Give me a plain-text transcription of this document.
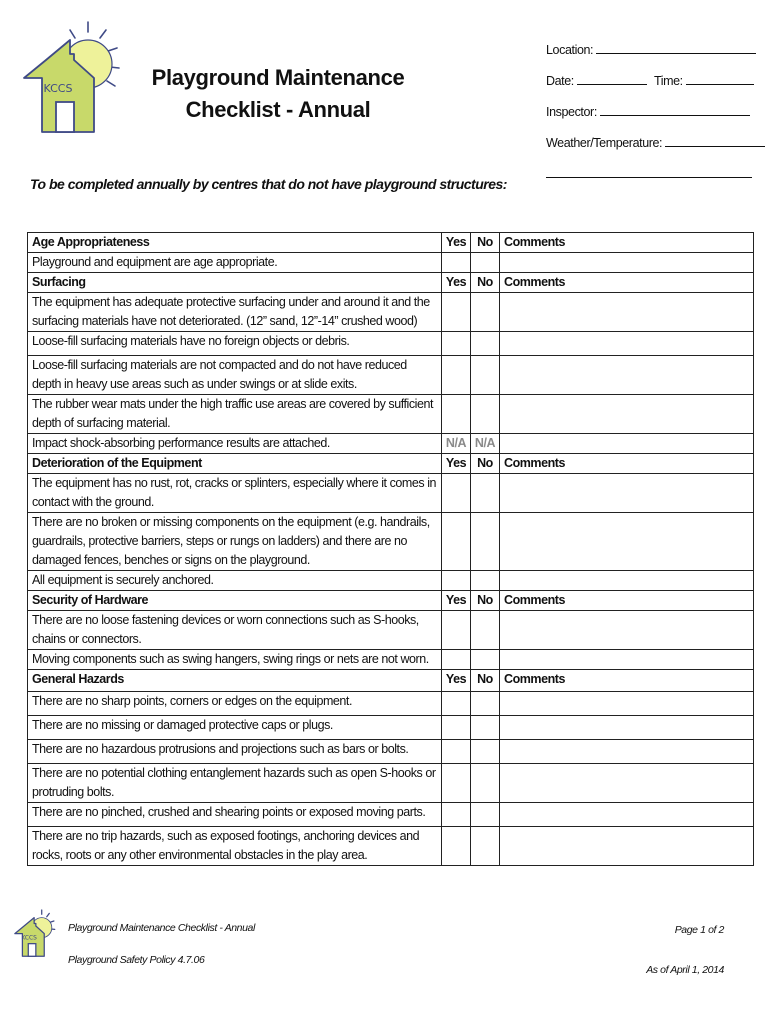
KCCS	Playground Maintenance
Checklist - Annual
Location:
Date:	Time:
Inspector:
Weather/Temperature:
To be completed annually by centres that do not have playground structures:
Age Appropriateness	Yes	No	Comments
Playground and equipment are age appropriate.			
Surfacing	Yes	No	Comments
The equipment has adequate protective surfacing under and around it and the surfacing materials have not deteriorated. (12” sand, 12”-14” crushed wood)			
Loose-fill surfacing materials have no foreign objects or debris.			
Loose-fill surfacing materials are not compacted and do not have reduced depth in heavy use areas such as under swings or at slide exits.			
The rubber wear mats under the high traffic use areas are covered by sufficient depth of surfacing material.			
Impact shock-absorbing performance results are attached.	N/A	N/A	
Deterioration of the Equipment	Yes	No	Comments
The equipment has no rust, rot, cracks or splinters, especially where it comes in contact with the ground.			
There are no broken or missing components on the equipment (e.g. handrails, guardrails, protective barriers, steps or rungs on ladders) and there are no damaged fences, benches or signs on the playground.			
All equipment is securely anchored.			
Security of Hardware	Yes	No	Comments
There are no loose fastening devices or worn connections such as S-hooks, chains or connectors.			
Moving components such as swing hangers, swing rings or nets are not worn.			
General Hazards	Yes	No	Comments
There are no sharp points, corners or edges on the equipment.			
There are no missing or damaged protective caps or plugs.			
There are no hazardous protrusions and projections such as bars or bolts.			
There are no potential clothing entanglement hazards such as open S-hooks or protruding bolts.			
There are no pinched, crushed and shearing points or exposed moving parts.			
There are no trip hazards, such as exposed footings, anchoring devices and rocks, roots or any other environmental obstacles in the play area.			
KCCS
Playground Maintenance Checklist - Annual
Playground Safety Policy 4.7.06
Page 1 of 2
As of April 1, 2014
